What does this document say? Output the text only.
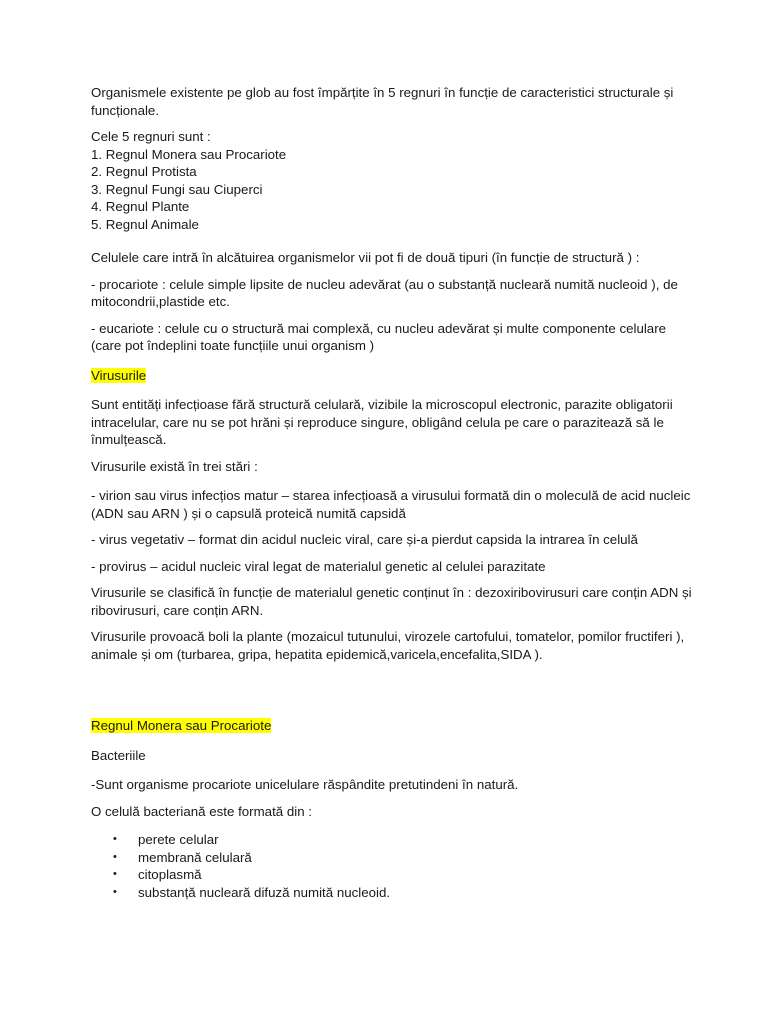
Organismele existente pe glob au fost împărțite în 5 regnuri în funcție de caracteristici structurale și funcționale.

Cele 5 regnuri sunt :

1. Regnul Monera sau Procariote

2. Regnul Protista

3. Regnul Fungi sau Ciuperci

4. Regnul Plante

5. Regnul Animale

Celulele care intră în alcătuirea organismelor vii pot fi de două tipuri (în funcție de structură ) :

- procariote : celule simple lipsite de nucleu adevărat (au o substanță nucleară numită nucleoid ), de mitocondrii,plastide etc.

- eucariote : celule cu o structură mai complexă, cu nucleu adevărat și multe componente celulare (care pot îndeplini toate funcțiile unui organism )

Virusurile

Sunt entități infecțioase fără structură celulară, vizibile la microscopul electronic, parazite obligatorii intracelular, care nu se pot hrăni și reproduce singure, obligând celula pe care o parazitează să le înmulțească.

Virusurile există în trei stări :

- virion sau virus infecțios matur – starea infecțioasă a virusului formată din o moleculă de acid nucleic (ADN sau ARN ) și o capsulă proteică numită capsidă

- virus vegetativ – format din acidul nucleic viral, care și-a pierdut capsida la intrarea în celulă

- provirus – acidul nucleic viral legat de materialul genetic al celulei parazitate

Virusurile se clasifică în funcție de materialul genetic conținut în : dezoxiribovirusuri care conțin ADN și ribovirusuri, care conțin ARN.

Virusurile provoacă boli la plante (mozaicul tutunului, virozele cartofului, tomatelor, pomilor fructiferi ), animale și om (turbarea, gripa, hepatita epidemică,varicela,encefalita,SIDA ).

Regnul Monera sau Procariote

Bacteriile

-Sunt organisme procariote unicelulare răspândite pretutindeni în natură.

O celulă bacteriană este formată din :

• perete celular
• membrană celulară
• citoplasmă
• substanță nucleară difuză numită nucleoid.
